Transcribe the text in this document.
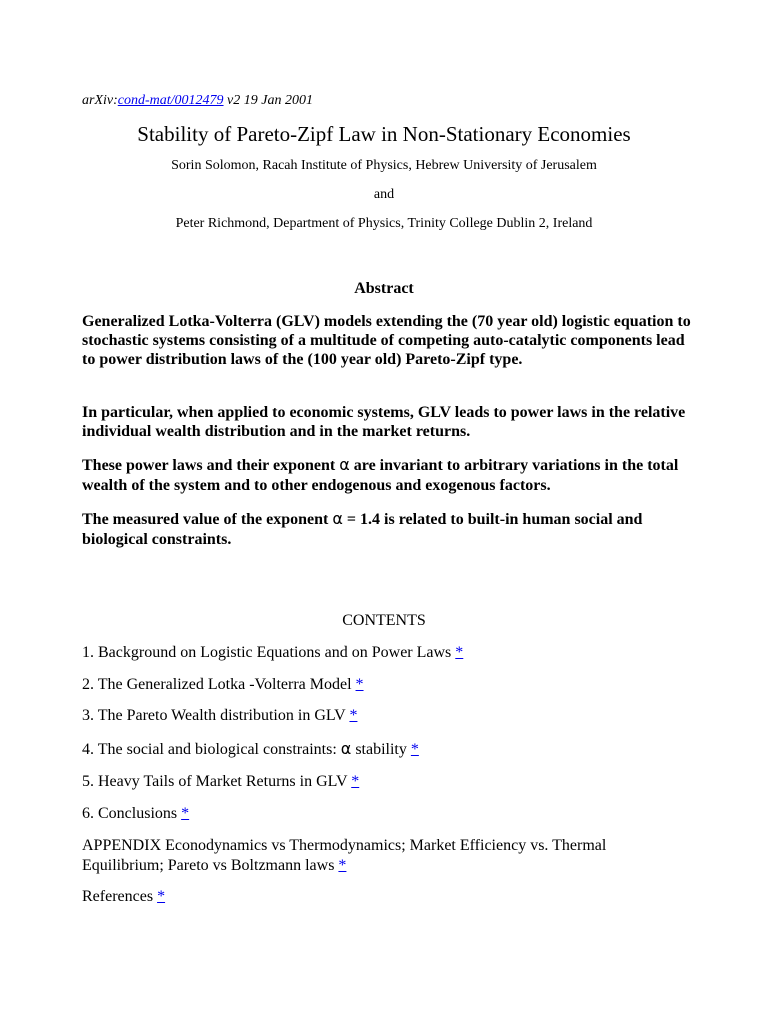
arXiv:cond-mat/0012479 v2 19 Jan 2001
Stability of Pareto-Zipf Law in Non-Stationary Economies
Sorin Solomon, Racah Institute of Physics, Hebrew University of Jerusalem
and
Peter Richmond, Department of Physics, Trinity College Dublin 2, Ireland
Abstract
Generalized Lotka-Volterra (GLV) models extending the (70 year old) logistic equation to stochastic systems consisting of a multitude of competing auto-catalytic components lead to power distribution laws of the (100 year old) Pareto-Zipf type.
In particular, when applied to economic systems, GLV leads to power laws in the relative individual wealth distribution and in the market returns.
These power laws and their exponent α are invariant to arbitrary variations in the total wealth of the system and to other endogenous and exogenous factors.
The measured value of the exponent α = 1.4 is related to built-in human social and biological constraints.
CONTENTS
1. Background on Logistic Equations and on Power Laws *
2. The Generalized Lotka -Volterra Model *
3. The Pareto Wealth distribution in GLV *
4. The social and biological constraints: α stability *
5. Heavy Tails of Market Returns in GLV *
6. Conclusions *
APPENDIX Econodynamics vs Thermodynamics; Market Efficiency vs. Thermal Equilibrium; Pareto vs Boltzmann laws *
References *
